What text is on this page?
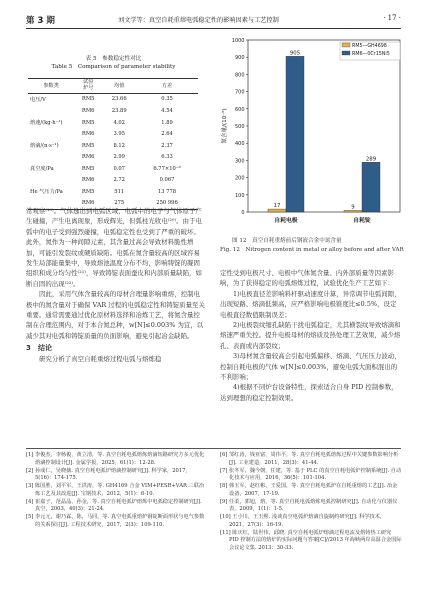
第 3 期	刘文学等：真空自耗重熔电弧稳定性的影响因素与工艺控制	· 17 ·
表 5　参数稳定性对比
Table 5　Comparison of parameter stability
参数类	试验
炉号	均值	方差
电压/V	RM5	23.66	0.35
	RM6	23.89	4.54
熔速/(kg·h⁻¹)	RM5	4.02	1.89
	RM6	3.95	2.64
熔滴/(n·s⁻¹)	RM5	8.12	2.37
	RM6	2.99	6.33
真空度/Pa	RM5	0.07	6.77×10⁻⁶
	RM6	2.72	0.067
He 气压力/Pa	RM5	511	13 778
	RM6	275	250 996
常观察⁽¹⁹⁾。气体逸出到电弧区域，电弧中的电子与气体原子产生碰撞，产生电离现象，形成辉光，但弧柱光收电⁽²⁰⁾。由于电弧中的电子受到强烈碰撞，电弧稳定性也受到了严重的破坏。此外，氮作为一种间隙元素，其含量过高会导致材料脆性增加，可能引发裂纹或硬质缺陷。电弧在氮含量较高的区域容易发生局部能量集中，导致熔池温度分布不均，影响铸锭的凝固组织和成分均匀性⁽²¹⁾，导致铸锭表面蚕皮和内部质量缺陷，如断自固的出现⁽²²⁾。
因此，采用气体含量较高的母材合理量影响重熔，控制电极中的氮含量对于确保 VAR 过程的电弧稳定性和铸锭质量至关重要。通常需要通过优化原材料选择和冶炼工艺，将氮含量控制在合理范围内，对于本合氮总种，w[N]≤0.003% 为宜，以减少其对电弧和铸锭质量的负面影响，避免引起冶金缺陷。
3　结论
研究分析了真空自耗重熔过程电弧与熔炼稳
0
100
200
300
400
500
600
700
800
900
1000
氮含量/(10⁻⁶)
自耗电极
17
905
自耗锭
9
289
RM5—GH4698
RM6—0Cr15Ni5
图 12　真空自耗重熔前后钢液合金中氮含量
Fig. 12　Nitrogen content in metal or alloy before and after VAR
定性受到电极尺寸、电极中气体氮含量、内外部质量等因素影响，为了获得稳定的电弧熔炼过程，试验优化生产工艺如下：
1)电极直径差影响料杆驱动速度计算，异常调节电弧间隙，出现短路、熔滴低频高，应严格影响电极锥度比≤0.5%，设定电极直径数值限制误差；
2)电极裂纹缩孔缺陷干扰电弧稳定，尤其横裂纹导致熔滴和熔速严重失控。提升电极母材的熔质及热处理工艺效果，减少熔孔、表面或内部裂纹；
3)母材氮含量较高会引起电弧偏移、熔滴、气压压力波动，控制自耗电极的气体 w[N]≤0.003%，避免电弧大面积混出的不利影响；
4)根据不同炉台设备特性，探索适合自身 PID 控制参数，达到理想的稳定控制效果。
[1] 李俊杰，李杨俊，黄立清，等. 真空自耗电弧熔炼熔滴短路研究方多元优化熔滴控制设计[J]. 金属学报，2025，61(1)：12-28.
[2] 孙成仁，吴晓薇. 真空自耗电弧炉熔滴控制研究[J]. 科学家，2017，5(16)：174-175.
[3] 陈国胜，刘平军，王洪涛，等. GH4169 合金 VIM+PESR+VAR 三联冶炼工艺及其改进[J]. 宝钢技术，2012，5(1)：6-10.
[4] 崔嘉子，范晶晶，孙金，等. 真空自耗电弧炉熔炼中电弧稳定控制研究[J]. 真空，2003，40(3)：21-24.
[5] 李元元，谢乃霖，陈，马同，等. 真空电弧重熔炉钢锭断面形状与电气参数的关系探讨[J]. 工程技术研究，2017，2(3)：109-110.
[6] 邹红涛，钱亚富，周伟平，等. 真空自耗电弧熔炼过程中关键参数影响分析[J]. 工业建造，2011，28(3)：41-44.
[7] 张冬军，魏今朝，任建，等. 基于 PLC 的真空自耗电弧炉控制系统[J]. 自动化技术与应用，2016，36(5)：101-104.
[8] 韩玉军，赵红彬，王爱国，等. 真空自耗电弧炉在自耗重熔的工艺[J]. 冶金设备，2007，17-19.
[9] 任柔，郭旭，熔，等. 真空自耗电弧熔炼电弧控制研究[J]. 自动化与仪器仪表，2009，1(1)：1-5.
[10] 王小川，王玉熙. 浅谈真空电弧炉熔滴自旋制约研究[J]. 科学技术，2021，27(3)：16-19.
[11] 陈庆红，陆世伟，邱晓. 真空自耗电弧炉熔滴过程电流及熔铸热工研究 PID 控制方法的熔炉的实际问题与答案[C]//2013 年海峡两岸高温合金国际会议论文集. 2013：30-33.
